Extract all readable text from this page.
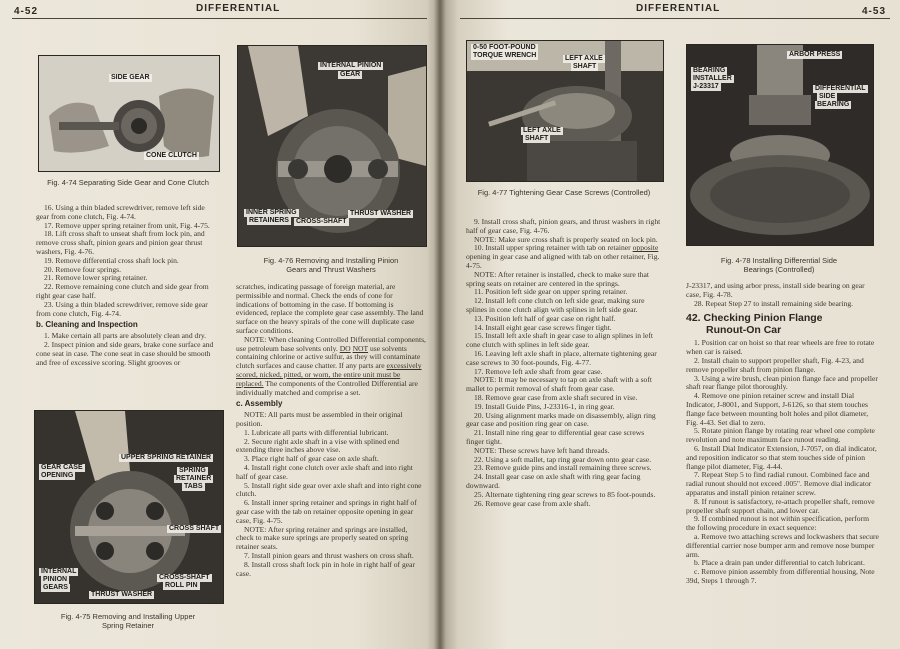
4-52	DIFFERENTIAL
SIDE GEAR
CONE CLUTCH
Fig. 4-74 Separating Side Gear and Cone Clutch
INTERNAL PINION
GEAR
INNER SPRING
RETAINERS CROSS-SHAFT
THRUST WASHER
Fig. 4-76 Removing and Installing Pinion
Gears and Thrust Washers

16. Using a thin bladed screwdriver, remove left side gear from cone clutch, Fig. 4-74.

17. Remove upper spring retainer from unit, Fig. 4-75.

18. Lift cross shaft to unseat shaft from lock pin, and remove cross shaft, pinion gears and pinion gear thrust washers, Fig. 4-76.

19. Remove differential cross shaft lock pin.

20. Remove four springs.

21. Remove lower spring retainer.

22. Remove remaining cone clutch and side gear from right gear case half.

23. Using a thin bladed screwdriver, remove side gear from cone clutch, Fig. 4-74.

b. Cleaning and Inspection

1. Make certain all parts are absolutely clean and dry.

2. Inspect pinion and side gears, brake cone surface and cone seat in case. The cone seat in case should be smooth and free of excessive scoring. Slight grooves or

UPPER SPRING RETAINER
GEAR CASE
OPENING
SPRING
RETAINER
TABS
CROSS SHAFT
INTERNAL
PINION
GEARS
CROSS-SHAFT
ROLL PIN
THRUST WASHER
Fig. 4-75 Removing and Installing Upper
Spring Retainer

scratches, indicating passage of foreign material, are permissible and normal. Check the ends of cone for indications of bottoming in the case. If bottoming is evidenced, replace the complete gear case assembly. The land surface on the heavy spirals of the cone will duplicate case surface conditions.

NOTE: When cleaning Controlled Differential components, use petroleum base solvents only. DO NOT use solvents containing chlorine or active sulfur, as they will contaminate clutch surfaces and cause chatter. If any parts are excessively scored, nicked, pitted, or worn, the entire unit must be replaced. The components of the Controlled Differential are individually matched and comprise a set.

c. Assembly

NOTE: All parts must be assembled in their original position.

1. Lubricate all parts with differential lubricant.

2. Secure right axle shaft in a vise with splined end extending three inches above vise.

3. Place right half of gear case on axle shaft.

4. Install right cone clutch over axle shaft and into right half of gear case.

5. Install right side gear over axle shaft and into right cone clutch.

6. Install inner spring retainer and springs in right half of gear case with the tab on retainer opposite opening in gear case, Fig. 4-75.

NOTE: After spring retainer and springs are installed, check to make sure springs are properly seated on spring retainer seats.

7. Install pinion gears and thrust washers on cross shaft.

8. Install cross shaft lock pin in hole in right half of gear case.

DIFFERENTIAL	4-53
0-50 FOOT-POUND
TORQUE WRENCH	LEFT AXLE
SHAFT
LEFT AXLE
SHAFT
Fig. 4-77 Tightening Gear Case Screws (Controlled)
ARBOR PRESS
BEARING
INSTALLER
J-23317	DIFFERENTIAL
SIDE
BEARING
Fig. 4-78 Installing Differential Side
Bearings (Controlled)

9. Install cross shaft, pinion gears, and thrust washers in right half of gear case, Fig. 4-76.

NOTE: Make sure cross shaft is properly seated on lock pin.

10. Install upper spring retainer with tab on retainer opposite opening in gear case and aligned with tab on other retainer, Fig. 4-75.

NOTE: After retainer is installed, check to make sure that spring seats on retainer are centered in the springs.

11. Position left side gear on upper spring retainer.

12. Install left cone clutch on left side gear, making sure splines in cone clutch align with splines in left side gear.

13. Position left half of gear case on right half.

14. Install eight gear case screws finger tight.

15. Install left axle shaft in gear case to align splines in left cone clutch with splines in left side gear.

16. Leaving left axle shaft in place, alternate tightening gear case screws to 30 foot-pounds, Fig. 4-77.

17. Remove left axle shaft from gear case.

NOTE: It may be necessary to tap on axle shaft with a soft mallet to permit removal of shaft from gear case.

18. Remove gear case from axle shaft secured in vise.

19. Install Guide Pins, J-23316-1, in ring gear.

20. Using alignment marks made on disassembly, align ring gear case and position ring gear on case.

21. Install nine ring gear to differential gear case screws finger tight.

NOTE: These screws have left hand threads.

22. Using a soft mallet, tap ring gear down onto gear case.

23. Remove guide pins and install remaining three screws.

24. Install gear case on axle shaft with ring gear facing downward.

25. Alternate tightening ring gear screws to 85 foot-pounds.

26. Remove gear case from axle shaft.

J-23317, and using arbor press, install side bearing on gear case, Fig. 4-78.

28. Repeat Step 27 to install remaining side bearing.

42. Checking Pinion Flange
Runout-On Car

1. Position car on hoist so that rear wheels are free to rotate when car is raised.

2. Install chain to support propeller shaft, Fig. 4-23, and remove propeller shaft from pinion flange.

3. Using a wire brush, clean pinion flange face and propeller shaft rear flange pilot thoroughly.

4. Remove one pinion retainer screw and install Dial Indicator, J-8001, and Support, J-6126, so that stem touches flange face between mounting bolt holes and pilot diameter, Fig. 4-43. Set dial to zero.

5. Rotate pinion flange by rotating rear wheel one complete revolution and note maximum face runout reading.

6. Install Dial Indicator Extension, J-7057, on dial indicator, and reposition indicator so that stem touches side of pinion flange pilot diameter, Fig. 4-44.

7. Repeat Step 5 to find radial runout. Combined face and radial runout should not exceed .005". Remove dial indicator apparatus and install pinion retainer screw.

8. If runout is satisfactory, re-attach propeller shaft, remove propeller shaft support chain, and lower car.

9. If combined runout is not within specification, perform the following procedure in exact sequence:

a. Remove two attaching screws and lockwashers that secure differential carrier nose bumper arm and remove nose bumper arm.

b. Place a drain pan under differential to catch lubricant.

c. Remove pinion assembly from differential housing, Note 39d, Steps 1 through 7.
